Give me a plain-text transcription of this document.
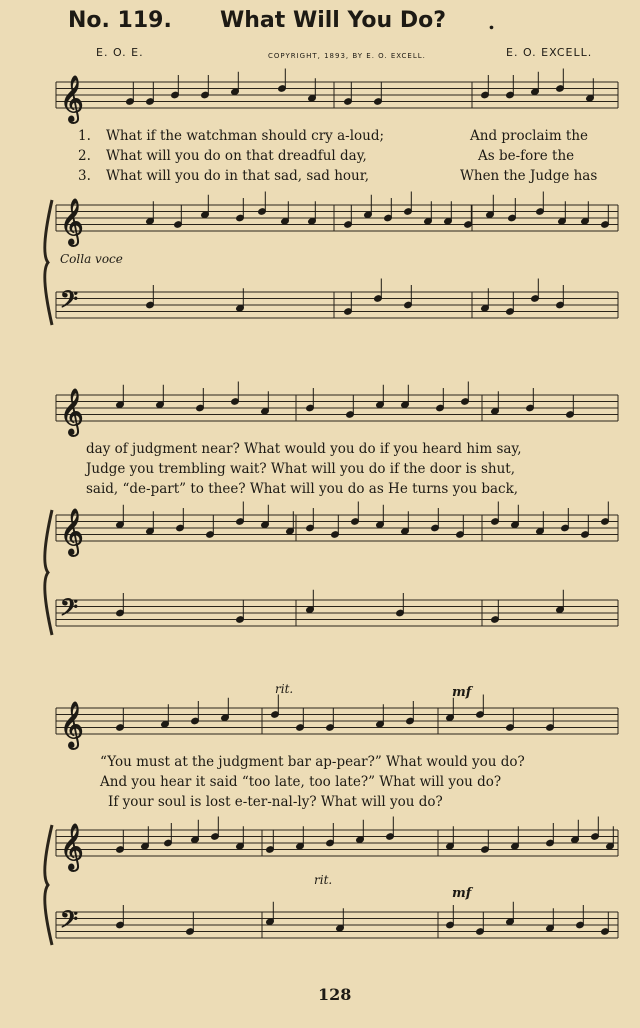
No. 119. What Will You Do? .
E. O. E.	COPYRIGHT, 1893, BY E. O. EXCELL.	E. O. EXCELL.
𝄞
𝄞
𝄢
𝄞
𝄞
𝄢
𝄞
𝄞
𝄢
1. What if the watchman should cry a-loud;	And proclaim the
2. What will you do on that dreadful day,	As be-fore the
3. What will you do in that sad, sad hour,	When the Judge has
Colla voce
day of judgment near? What would you do if you heard him say,
Judge you trembling wait? What will you do if the door is shut,
said, “de-part” to thee? What will you do as He turns you back,
rit.	mf
“You must at the judgment bar ap-pear?” What would you do?
And you hear it said “too late, too late?” What will you do?
If your soul is lost e-ter-nal-ly? What will you do?
rit.
mf
128
